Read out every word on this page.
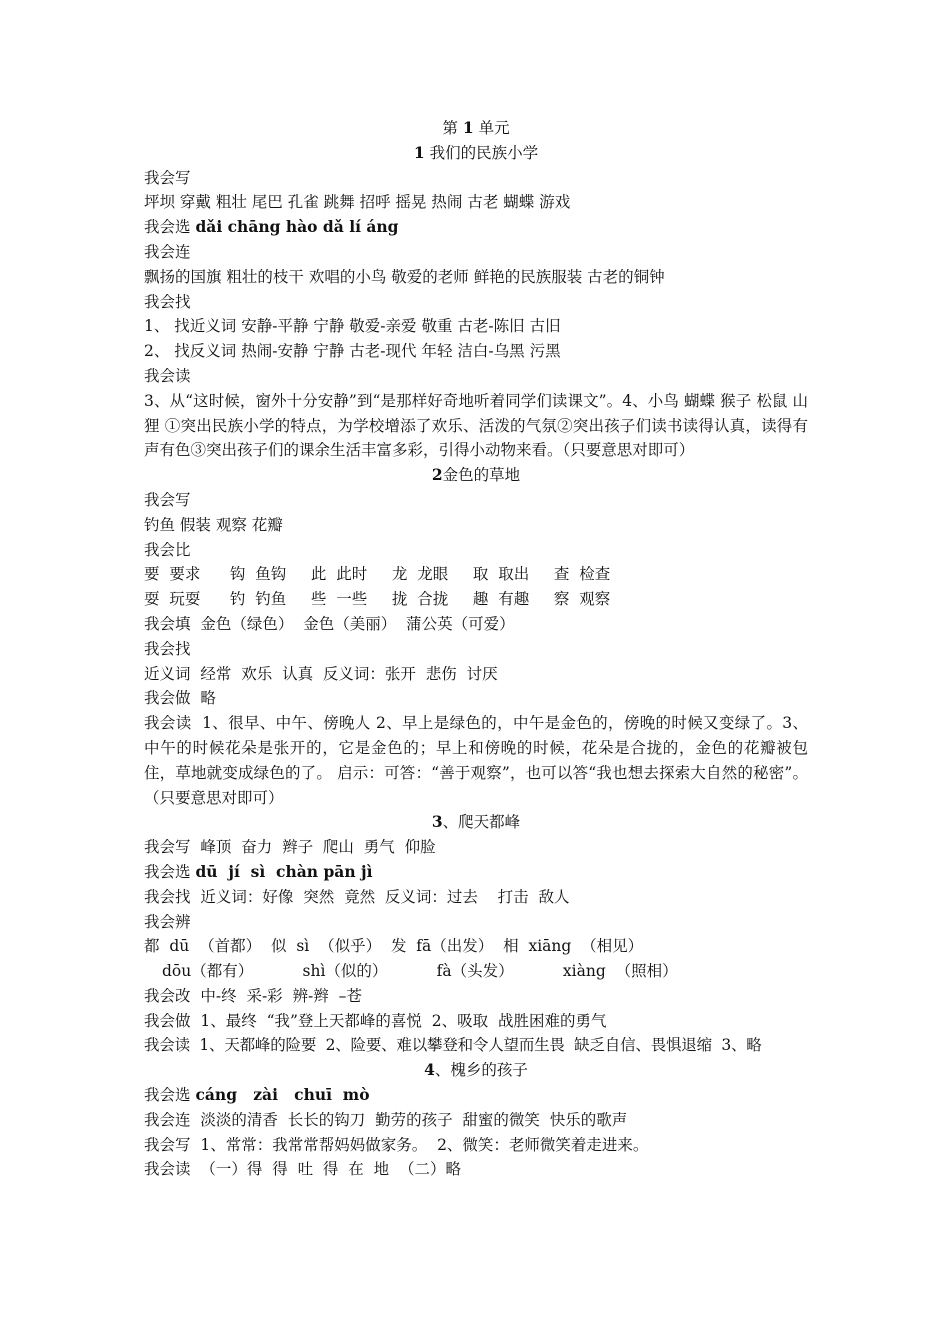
第 1 单元
1 我们的民族小学
我会写
坪坝 穿戴 粗壮 尾巴 孔雀 跳舞 招呼 摇晃 热闹 古老 蝴蝶 游戏
我会选 dǎi chāng hào dǎ lí áng
我会连
飘扬的国旗 粗壮的枝干 欢唱的小鸟 敬爱的老师 鲜艳的民族服装 古老的铜钟
我会找
1、 找近义词 安静-平静 宁静 敬爱-亲爱 敬重 古老-陈旧 古旧
2、 找反义词 热闹-安静 宁静 古老-现代 年轻 洁白-乌黑 污黑
我会读
3、从“这时候，窗外十分安静”到“是那样好奇地听着同学们读课文”。4、小鸟 蝴蝶 猴子 松鼠 山狸 ①突出民族小学的特点，为学校增添了欢乐、活泼的气氛②突出孩子们读书读得认真，读得有声有色③突出孩子们的课余生活丰富多彩，引得小动物来看。（只要意思对即可）
2金色的草地
我会写
钓鱼 假装 观察 花瓣
我会比
要  要求      钩  鱼钩     此  此时     龙  龙眼     取  取出     查  检查
耍  玩耍      钓  钓鱼     些  一些     拢  合拢     趣  有趣     察  观察
我会填  金色（绿色）  金色（美丽）  蒲公英（可爱）
我会找
近义词  经常  欢乐  认真  反义词：张开  悲伤  讨厌
我会做  略
我会读  1、很早、中午、傍晚人 2、早上是绿色的，中午是金色的，傍晚的时候又变绿了。3、中午的时候花朵是张开的，它是金色的；早上和傍晚的时候，花朵是合拢的，金色的花瓣被包住，草地就变成绿色的了。 启示：可答：“善于观察”，也可以答“我也想去探索大自然的秘密”。（只要意思对即可）
3、爬天都峰
我会写  峰顶  奋力  辫子  爬山  勇气  仰脸
我会选 dū  jí  sì  chàn pān jì
我会找  近义词：好像  突然  竟然  反义词：过去    打击  敌人
我会辨
都  dū  （首都）  似  sì  （似乎）  发  fā（出发）  相  xiāng  （相见）
dōu（都有）          shì（似的）          fà（头发）          xiàng  （照相）
我会改  中-终  采-彩  辨-辫  –苍
我会做  1、最终  “我”登上天都峰的喜悦  2、吸取  战胜困难的勇气
我会读  1、天都峰的险要  2、险要、难以攀登和令人望而生畏  缺乏自信、畏惧退缩  3、略
4、槐乡的孩子
我会选 cáng   zài   chuī  mò
我会连  淡淡的清香  长长的钩刀  勤劳的孩子  甜蜜的微笑  快乐的歌声
我会写  1、常常：我常常帮妈妈做家务。  2、微笑：老师微笑着走进来。
我会读  （一）得  得  吐  得  在  地  （二）略
